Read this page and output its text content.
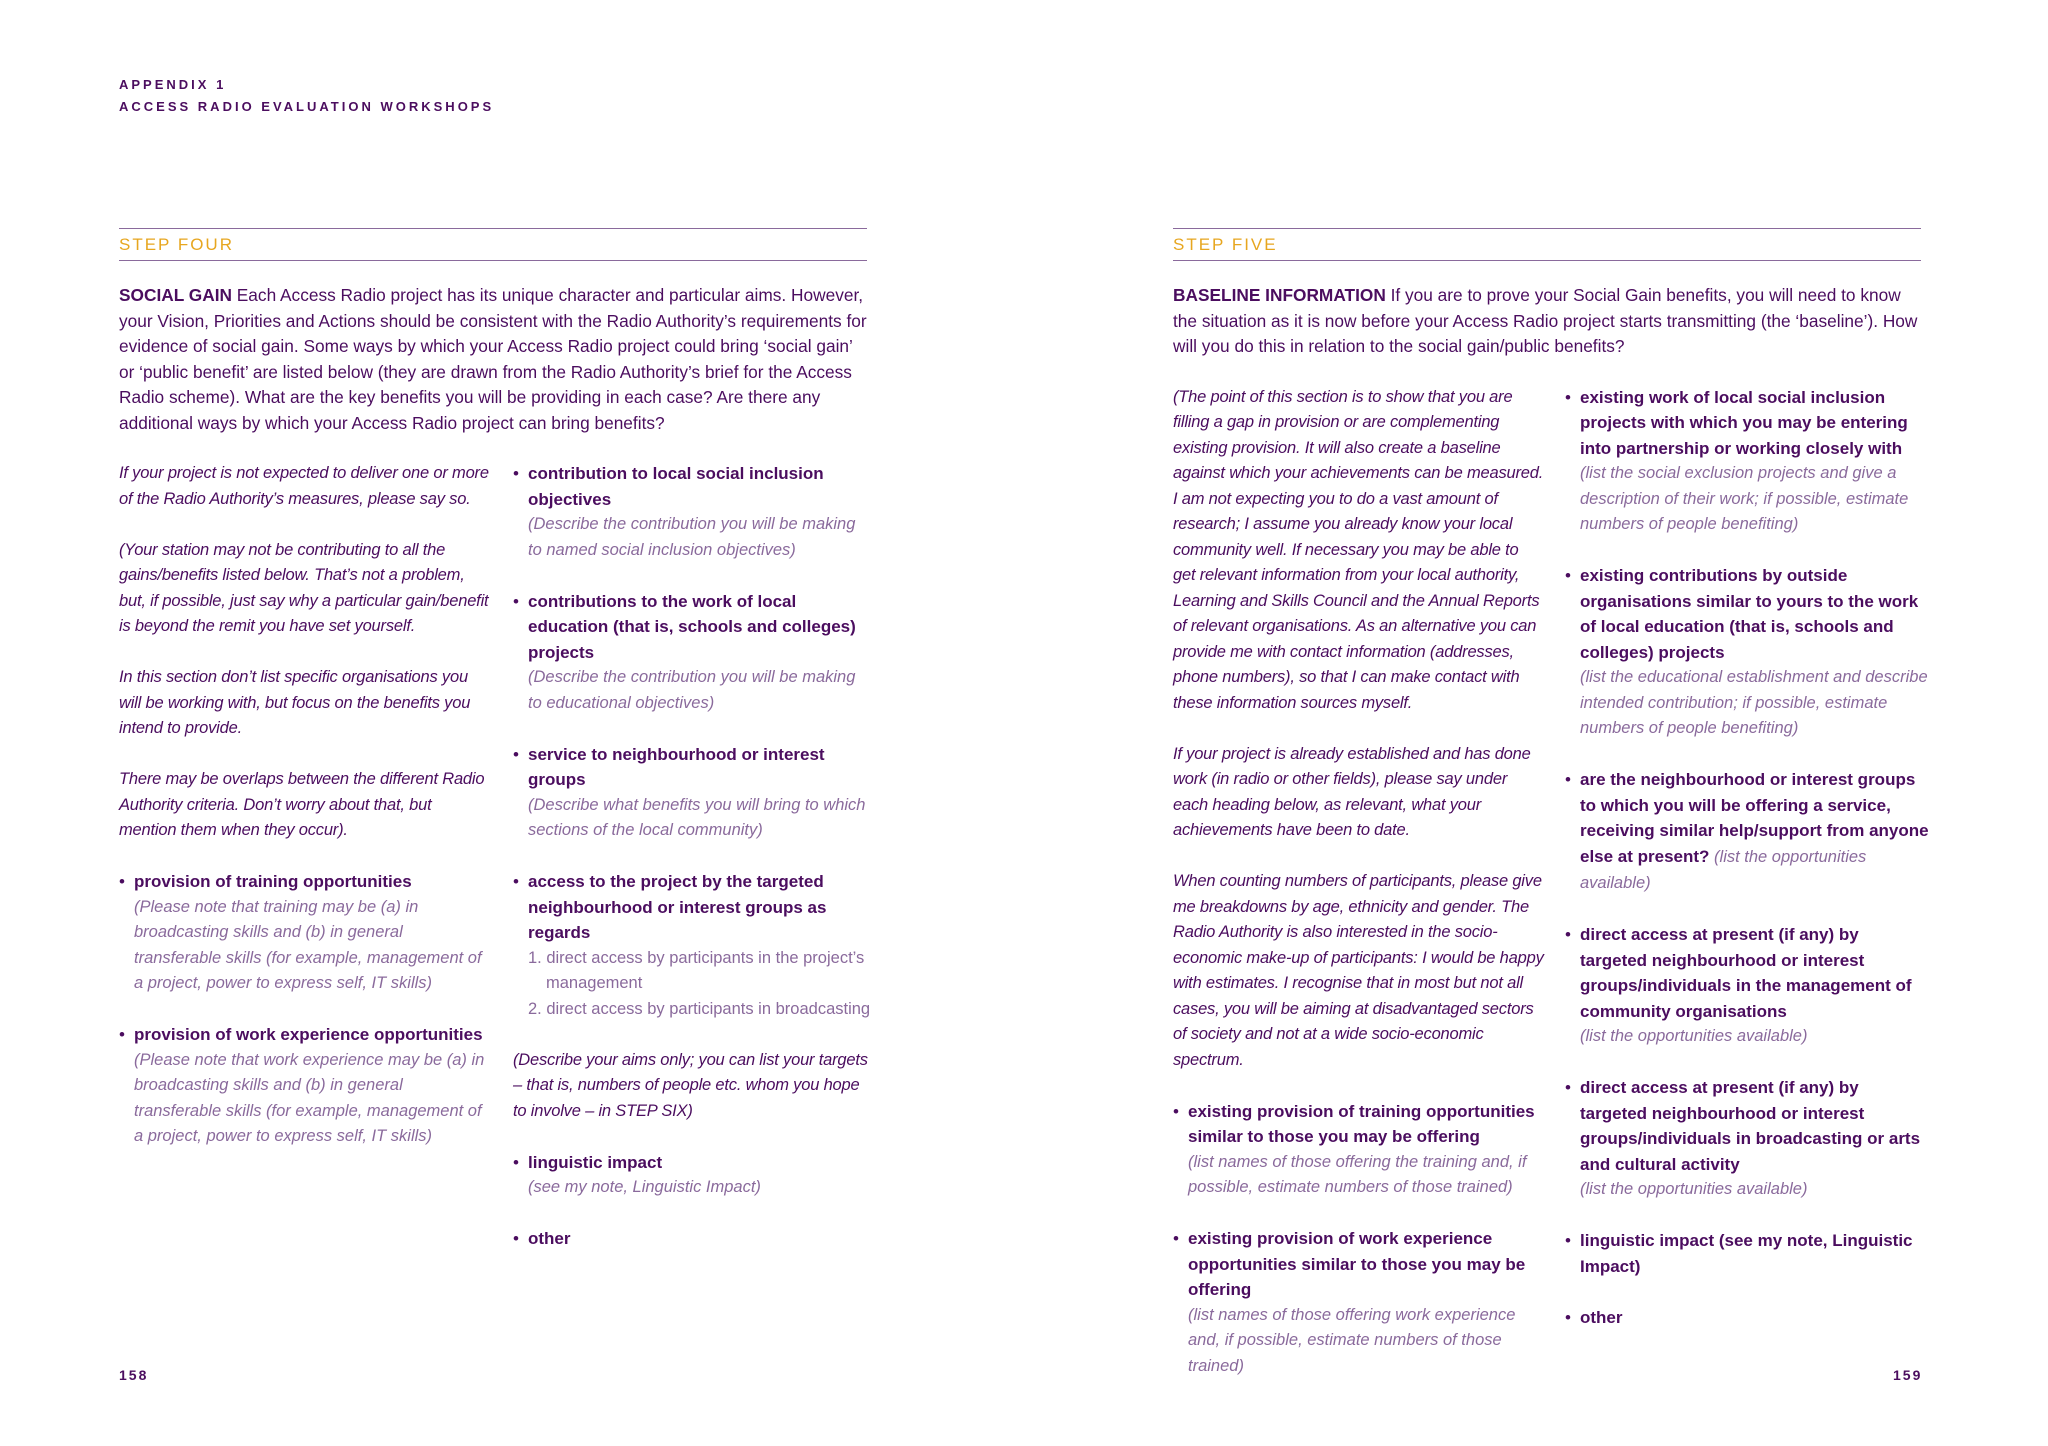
APPENDIX 1
ACCESS RADIO EVALUATION WORKSHOPS
STEP FOUR
SOCIAL GAIN Each Access Radio project has its unique character and particular aims. However, your Vision, Priorities and Actions should be consistent with the Radio Authority’s requirements for evidence of social gain. Some ways by which your Access Radio project could bring ‘social gain’ or ‘public benefit’ are listed below (they are drawn from the Radio Authority’s brief for the Access Radio scheme). What are the key benefits you will be providing in each case? Are there any additional ways by which your Access Radio project can bring benefits?
If your project is not expected to deliver one or more of the Radio Authority’s measures, please say so.
(Your station may not be contributing to all the gains/benefits listed below. That’s not a problem, but, if possible, just say why a particular gain/benefit is beyond the remit you have set yourself.
In this section don’t list specific organisations you will be working with, but focus on the benefits you intend to provide.
There may be overlaps between the different Radio Authority criteria. Don’t worry about that, but mention them when they occur).
• provision of training opportunities
(Please note that training may be (a) in broadcasting skills and (b) in general transferable skills (for example, management of a project, power to express self, IT skills)
• provision of work experience opportunities
(Please note that work experience may be (a) in broadcasting skills and (b) in general transferable skills (for example, management of a project, power to express self, IT skills)
• contribution to local social inclusion objectives
(Describe the contribution you will be making to named social inclusion objectives)
• contributions to the work of local education (that is, schools and colleges) projects
(Describe the contribution you will be making to educational objectives)
• service to neighbourhood or interest groups
(Describe what benefits you will bring to which sections of the local community)
• access to the project by the targeted neighbourhood or interest groups as regards
1. direct access by participants in the project’s management
2. direct access by participants in broadcasting
(Describe your aims only; you can list your targets – that is, numbers of people etc. whom you hope to involve – in STEP SIX)
• linguistic impact
(see my note, Linguistic Impact)
• other
STEP FIVE
BASELINE INFORMATION If you are to prove your Social Gain benefits, you will need to know the situation as it is now before your Access Radio project starts transmitting (the ‘baseline’). How will you do this in relation to the social gain/public benefits?
(The point of this section is to show that you are filling a gap in provision or are complementing existing provision. It will also create a baseline against which your achievements can be measured. I am not expecting you to do a vast amount of research; I assume you already know your local community well. If necessary you may be able to get relevant information from your local authority, Learning and Skills Council and the Annual Reports of relevant organisations. As an alternative you can provide me with contact information (addresses, phone numbers), so that I can make contact with these information sources myself.
If your project is already established and has done work (in radio or other fields), please say under each heading below, as relevant, what your achievements have been to date.
When counting numbers of participants, please give me breakdowns by age, ethnicity and gender. The Radio Authority is also interested in the socio-economic make-up of participants: I would be happy with estimates. I recognise that in most but not all cases, you will be aiming at disadvantaged sectors of society and not at a wide socio-economic spectrum.
• existing provision of training opportunities similar to those you may be offering
(list names of those offering the training and, if possible, estimate numbers of those trained)
• existing provision of work experience opportunities similar to those you may be offering
(list names of those offering work experience and, if possible, estimate numbers of those trained)
• existing work of local social inclusion projects with which you may be entering into partnership or working closely with
(list the social exclusion projects and give a description of their work; if possible, estimate numbers of people benefiting)
• existing contributions by outside organisations similar to yours to the work of local education (that is, schools and colleges) projects
(list the educational establishment and describe intended contribution; if possible, estimate numbers of people benefiting)
• are the neighbourhood or interest groups to which you will be offering a service, receiving similar help/support from anyone else at present? (list the opportunities available)
• direct access at present (if any) by targeted neighbourhood or interest groups/individuals in the management of community organisations
(list the opportunities available)
• direct access at present (if any) by targeted neighbourhood or interest groups/individuals in broadcasting or arts and cultural activity
(list the opportunities available)
• linguistic impact (see my note, Linguistic Impact)
• other
158	159
